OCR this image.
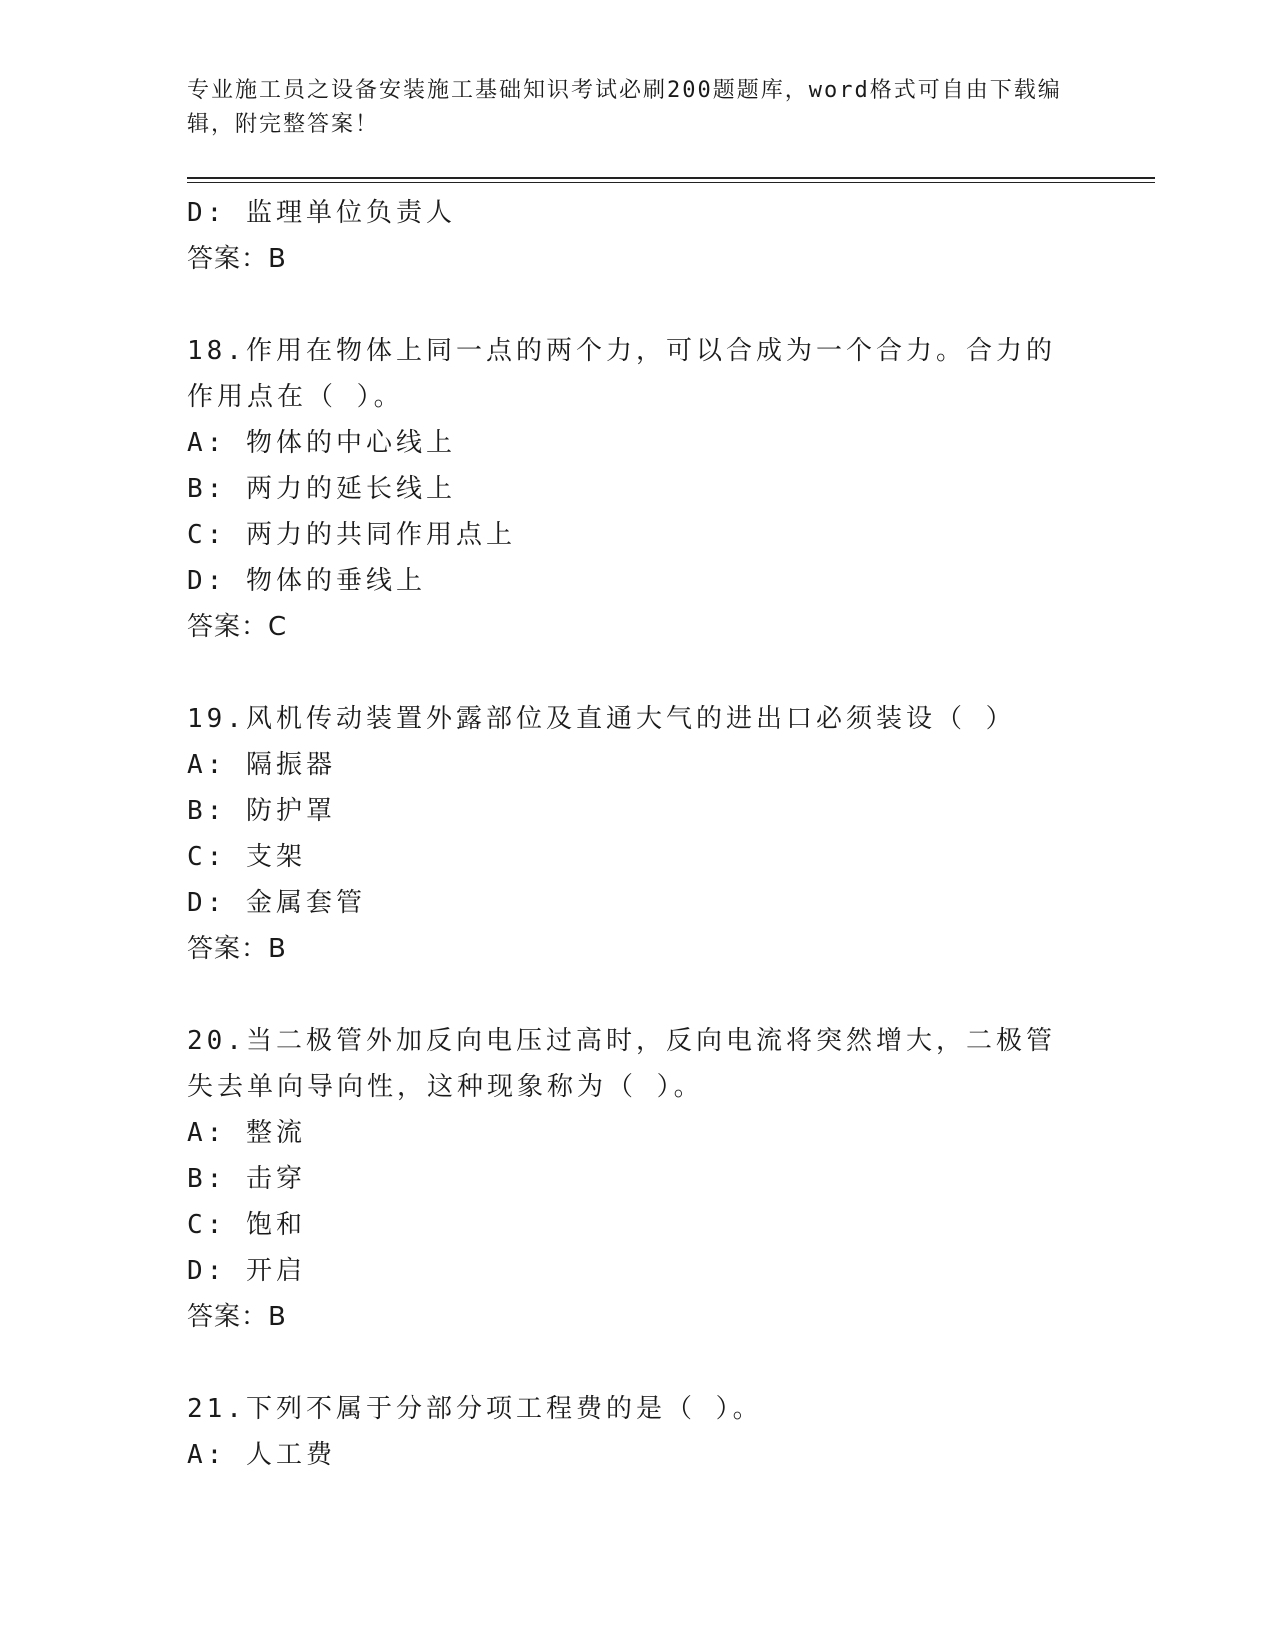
专业施工员之设备安装施工基础知识考试必刷200题题库，word格式可自由下载编辑，附完整答案！
D: 监理单位负责人
答案：B
18.作用在物体上同一点的两个力，可以合成为一个合力。合力的作用点在（ ）。
A: 物体的中心线上
B: 两力的延长线上
C: 两力的共同作用点上
D: 物体的垂线上
答案：C
19.风机传动装置外露部位及直通大气的进出口必须装设（ ）
A: 隔振器
B: 防护罩
C: 支架
D: 金属套管
答案：B
20.当二极管外加反向电压过高时，反向电流将突然增大，二极管失去单向导向性，这种现象称为（ ）。
A: 整流
B: 击穿
C: 饱和
D: 开启
答案：B
21.下列不属于分部分项工程费的是（ ）。
A: 人工费
